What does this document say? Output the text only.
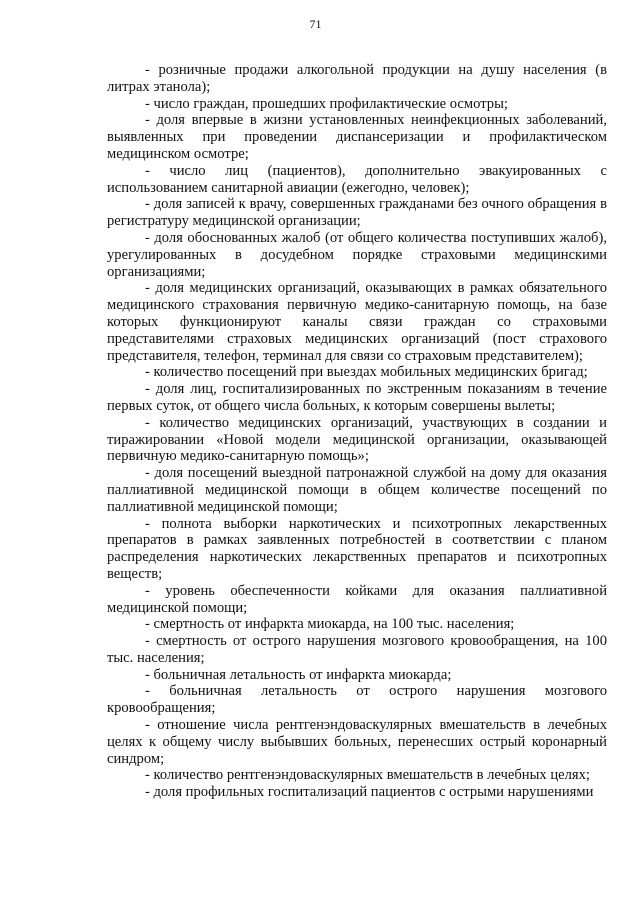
71

- розничные продажи алкогольной продукции на душу населения (в литрах этанола);

- число граждан, прошедших профилактические осмотры;

- доля впервые в жизни установленных неинфекционных заболеваний, выявленных при проведении диспансеризации и профилактическом медицинском осмотре;

- число лиц (пациентов), дополнительно эвакуированных с использованием санитарной авиации (ежегодно, человек);

- доля записей к врачу, совершенных гражданами без очного обращения в регистратуру медицинской организации;

- доля обоснованных жалоб (от общего количества поступивших жалоб), урегулированных в досудебном порядке страховыми медицинскими организациями;

- доля медицинских организаций, оказывающих в рамках обязательного медицинского страхования первичную медико-санитарную помощь, на базе которых функционируют каналы связи граждан со страховыми представителями страховых медицинских организаций (пост страхового представителя, телефон, терминал для связи со страховым представителем);

- количество посещений при выездах мобильных медицинских бригад;

- доля лиц, госпитализированных по экстренным показаниям в течение первых суток, от общего числа больных, к которым совершены вылеты;

- количество медицинских организаций, участвующих в создании и тиражировании «Новой модели медицинской организации, оказывающей первичную медико-санитарную помощь»;

- доля посещений выездной патронажной службой на дому для оказания паллиативной медицинской помощи в общем количестве посещений по паллиативной медицинской помощи;

- полнота выборки наркотических и психотропных лекарственных препаратов в рамках заявленных потребностей в соответствии с планом распределения наркотических лекарственных препаратов и психотропных веществ;

- уровень обеспеченности койками для оказания паллиативной медицинской помощи;

- смертность от инфаркта миокарда, на 100 тыс. населения;

- смертность от острого нарушения мозгового кровообращения, на 100 тыс. населения;

- больничная летальность от инфаркта миокарда;

- больничная летальность от острого нарушения мозгового кровообращения;

- отношение числа рентгенэндоваскулярных вмешательств в лечебных целях к общему числу выбывших больных, перенесших острый коронарный синдром;

- количество рентгенэндоваскулярных вмешательств в лечебных целях;

- доля профильных госпитализаций пациентов с острыми нарушениями
